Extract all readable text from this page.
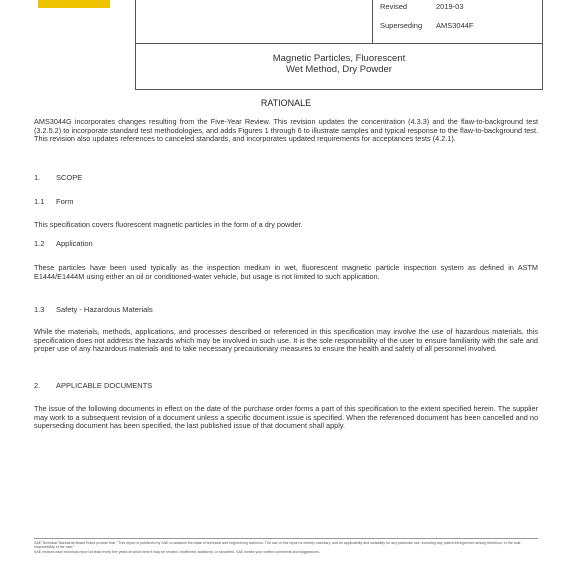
Revised	2019-03
Superseding AMS3044F
Magnetic Particles, Fluorescent
Wet Method, Dry Powder
RATIONALE

AMS3044G incorporates changes resulting from the Five-Year Review. This revision updates the concentration (4.3.3) and the flaw-to-background test (3.2.5.2) to incorporate standard test methodologies, and adds Figures 1 through 6 to illustrate samples and typical response to the flaw-to-background test. This revision also updates references to canceled standards, and incorporates updated requirements for acceptances tests (4.2.1).

1. SCOPE
1.1 Form

This specification covers fluorescent magnetic particles in the form of a dry powder.

1.2 Application

These particles have been used typically as the inspection medium in wet, fluorescent magnetic particle inspection system as defined in ASTM E1444/E1444M using either an oil or conditioned-water vehicle, but usage is not limited to such application.

1.3 Safety - Hazardous Materials

While the materials, methods, applications, and processes described or referenced in this specification may involve the use of hazardous materials, this specification does not address the hazards which may be involved in such use. It is the sole responsibility of the user to ensure familiarity with the safe and proper use of any hazardous materials and to take necessary precautionary measures to ensure the health and safety of all personnel involved.

2. APPLICABLE DOCUMENTS

The issue of the following documents in effect on the date of the purchase order forms a part of this specification to the extent specified herein. The supplier may work to a subsequent revision of a document unless a specific document issue is specified. When the referenced document has been cancelled and no superseding document has been specified, the last published issue of that document shall apply.

SAE Technical Standards Board Rules provide that: "This report is published by SAE to advance the state of technical and engineering sciences. The use of this report is entirely voluntary, and its applicability and suitability for any particular use, including any patent infringement arising therefrom, is the sole responsibility of the user."

SAE reviews each technical report at least every five years at which time it may be revised, reaffirmed, stabilized, or cancelled. SAE invites your written comments and suggestions.
